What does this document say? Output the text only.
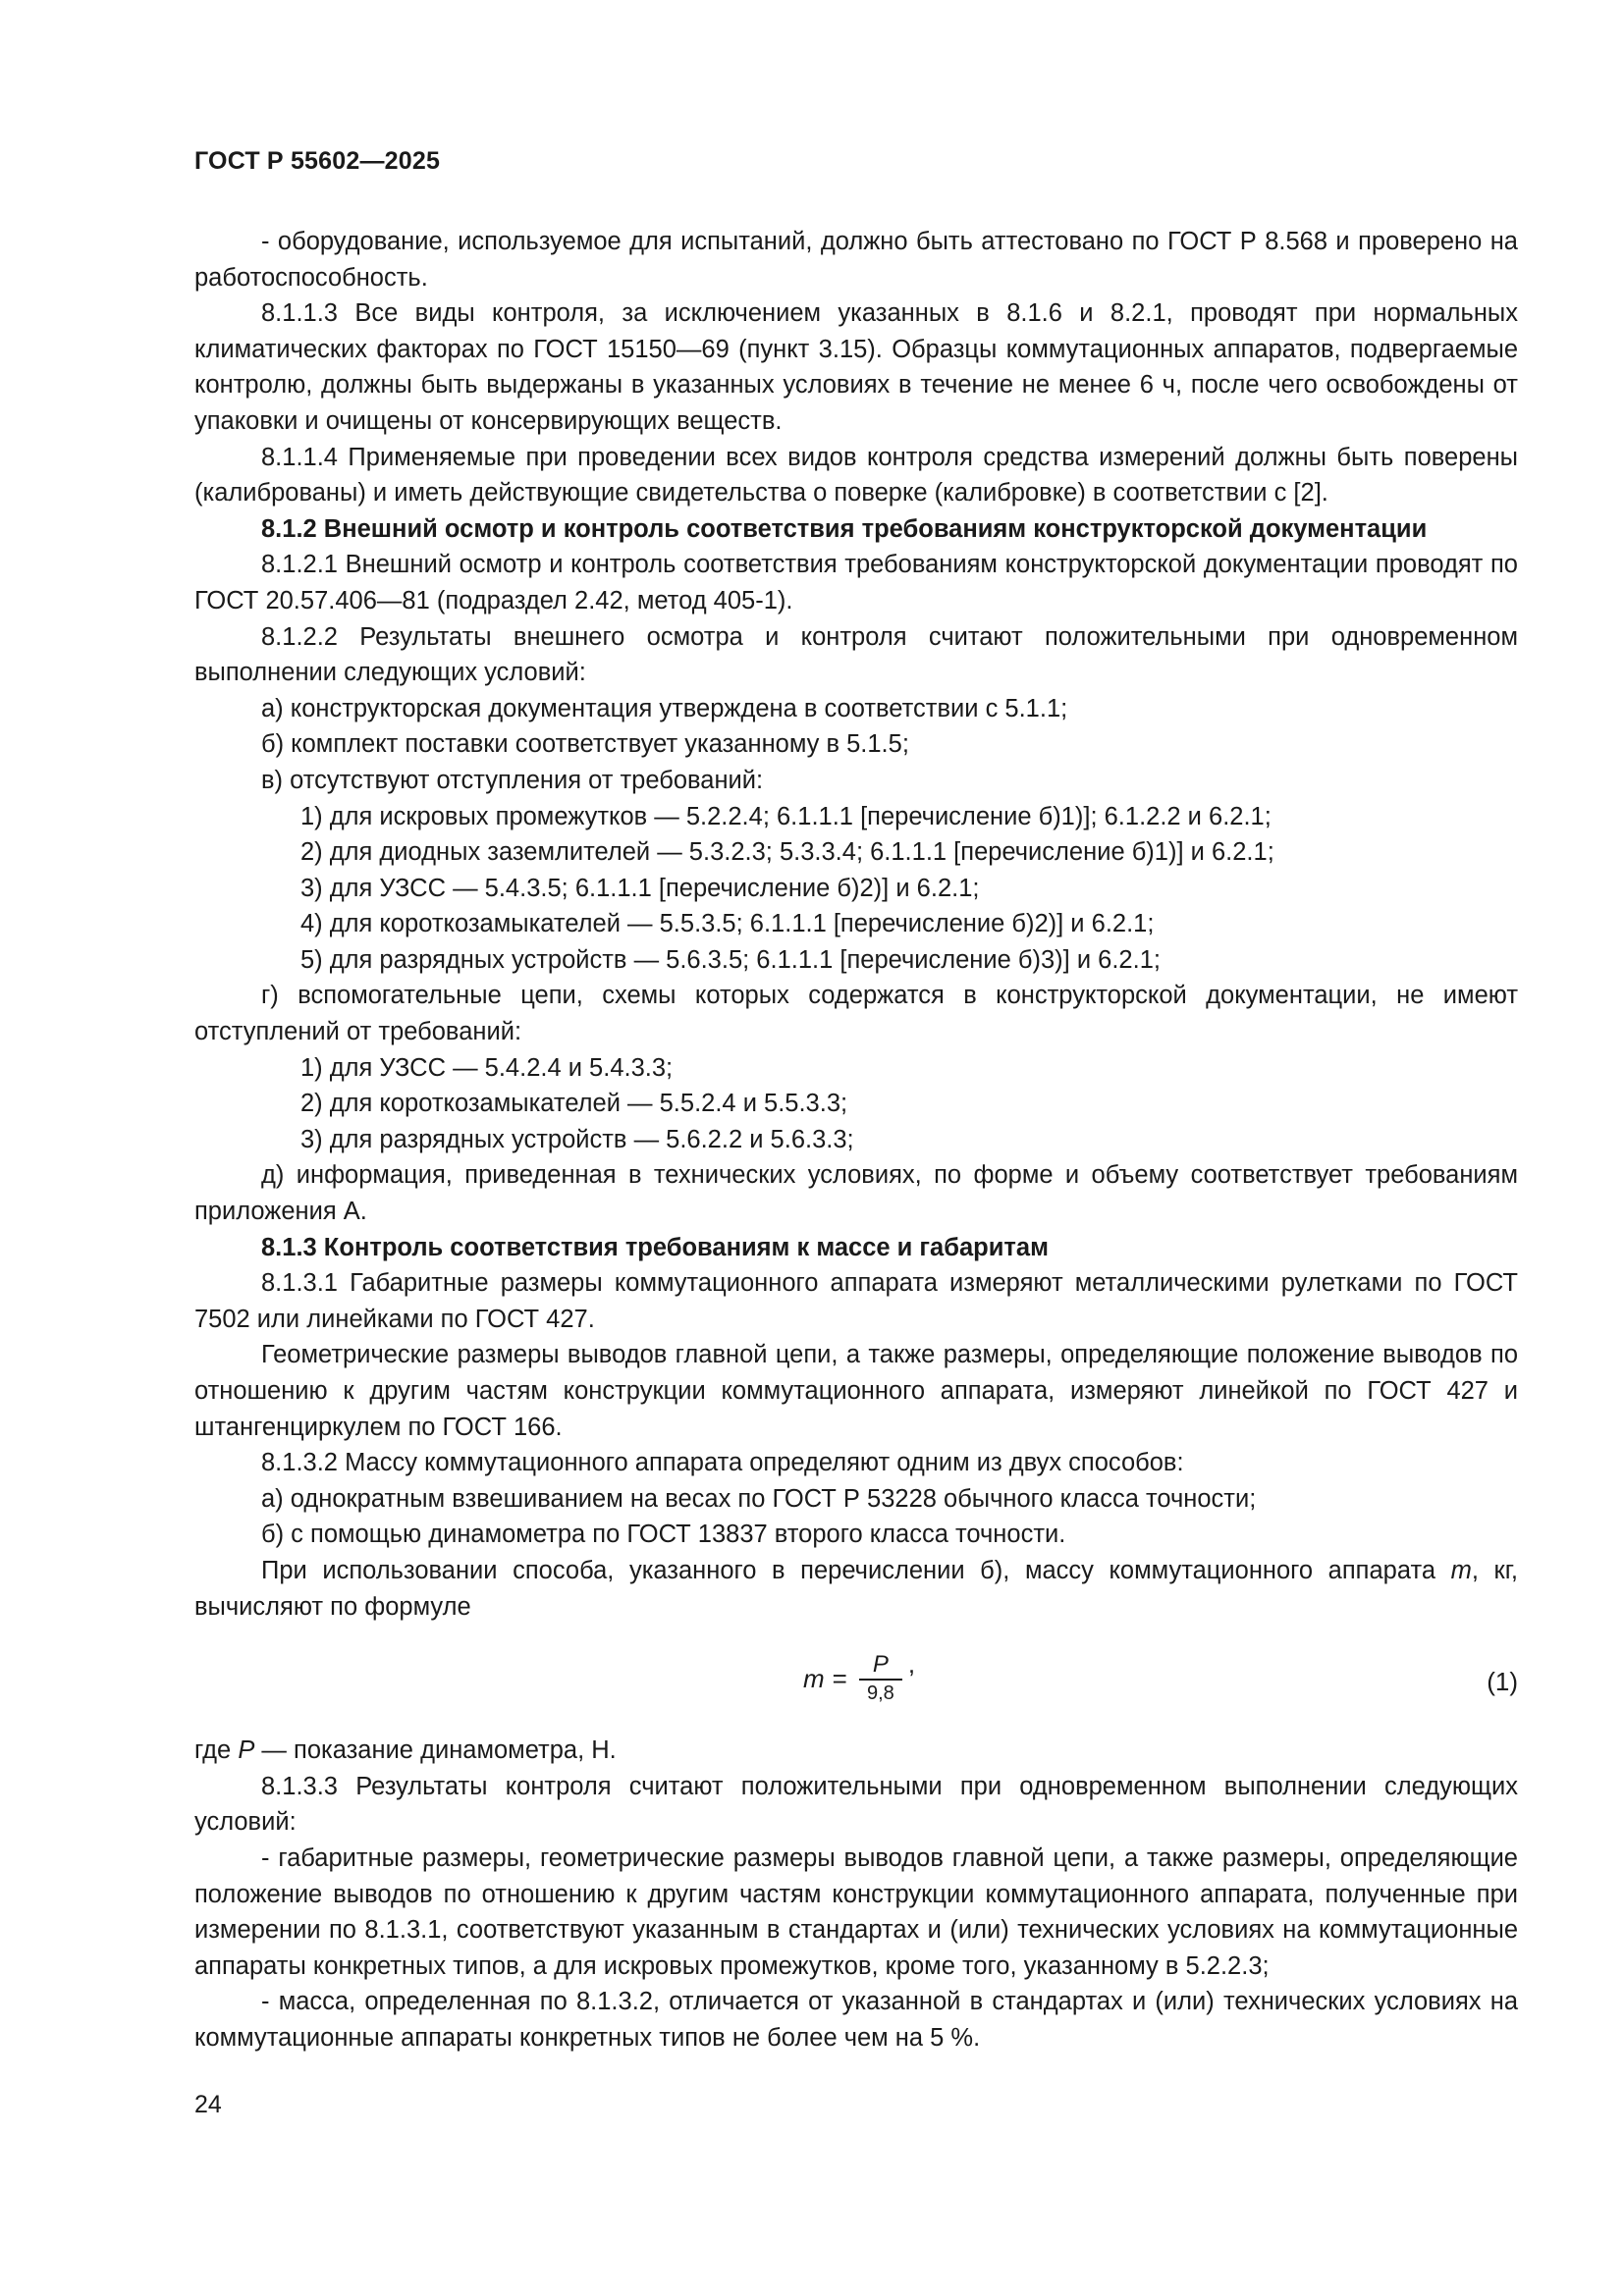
ГОСТ Р 55602—2025

- оборудование, используемое для испытаний, должно быть аттестовано по ГОСТ Р 8.568 и проверено на работоспособность.

8.1.1.3 Все виды контроля, за исключением указанных в 8.1.6 и 8.2.1, проводят при нормальных климатических факторах по ГОСТ 15150—69 (пункт 3.15). Образцы коммутационных аппаратов, подвергаемые контролю, должны быть выдержаны в указанных условиях в течение не менее 6 ч, после чего освобождены от упаковки и очищены от консервирующих веществ.

8.1.1.4 Применяемые при проведении всех видов контроля средства измерений должны быть поверены (калиброваны) и иметь действующие свидетельства о поверке (калибровке) в соответствии с [2].

8.1.2 Внешний осмотр и контроль соответствия требованиям конструкторской документации

8.1.2.1 Внешний осмотр и контроль соответствия требованиям конструкторской документации проводят по ГОСТ 20.57.406—81 (подраздел 2.42, метод 405-1).

8.1.2.2 Результаты внешнего осмотра и контроля считают положительными при одновременном выполнении следующих условий:

а) конструкторская документация утверждена в соответствии с 5.1.1;

б) комплект поставки соответствует указанному в 5.1.5;

в) отсутствуют отступления от требований:

1) для искровых промежутков — 5.2.2.4; 6.1.1.1 [перечисление б)1)]; 6.1.2.2 и 6.2.1;

2) для диодных заземлителей — 5.3.2.3; 5.3.3.4; 6.1.1.1 [перечисление б)1)] и 6.2.1;

3) для УЗСС — 5.4.3.5; 6.1.1.1 [перечисление б)2)] и 6.2.1;

4) для короткозамыкателей — 5.5.3.5; 6.1.1.1 [перечисление б)2)] и 6.2.1;

5) для разрядных устройств — 5.6.3.5; 6.1.1.1 [перечисление б)3)] и 6.2.1;

г) вспомогательные цепи, схемы которых содержатся в конструкторской документации, не имеют отступлений от требований:

1) для УЗСС — 5.4.2.4 и 5.4.3.3;

2) для короткозамыкателей — 5.5.2.4 и 5.5.3.3;

3) для разрядных устройств — 5.6.2.2 и 5.6.3.3;

д) информация, приведенная в технических условиях, по форме и объему соответствует требованиям приложения А.

8.1.3 Контроль соответствия требованиям к массе и габаритам

8.1.3.1 Габаритные размеры коммутационного аппарата измеряют металлическими рулетками по ГОСТ 7502 или линейками по ГОСТ 427.

Геометрические размеры выводов главной цепи, а также размеры, определяющие положение выводов по отношению к другим частям конструкции коммутационного аппарата, измеряют линейкой по ГОСТ 427 и штангенциркулем по ГОСТ 166.

8.1.3.2 Массу коммутационного аппарата определяют одним из двух способов:

а) однократным взвешиванием на весах по ГОСТ Р 53228 обычного класса точности;

б) с помощью динамометра по ГОСТ 13837 второго класса точности.

При использовании способа, указанного в перечислении б), массу коммутационного аппарата m, кг, вычисляют по формуле

$m = \frac{P}{9,8}$ ,
(1)

где P — показание динамометра, Н.

8.1.3.3 Результаты контроля считают положительными при одновременном выполнении следующих условий:

- габаритные размеры, геометрические размеры выводов главной цепи, а также размеры, определяющие положение выводов по отношению к другим частям конструкции коммутационного аппарата, полученные при измерении по 8.1.3.1, соответствуют указанным в стандартах и (или) технических условиях на коммутационные аппараты конкретных типов, а для искровых промежутков, кроме того, указанному в 5.2.2.3;

- масса, определенная по 8.1.3.2, отличается от указанной в стандартах и (или) технических условиях на коммутационные аппараты конкретных типов не более чем на 5 %.

24
